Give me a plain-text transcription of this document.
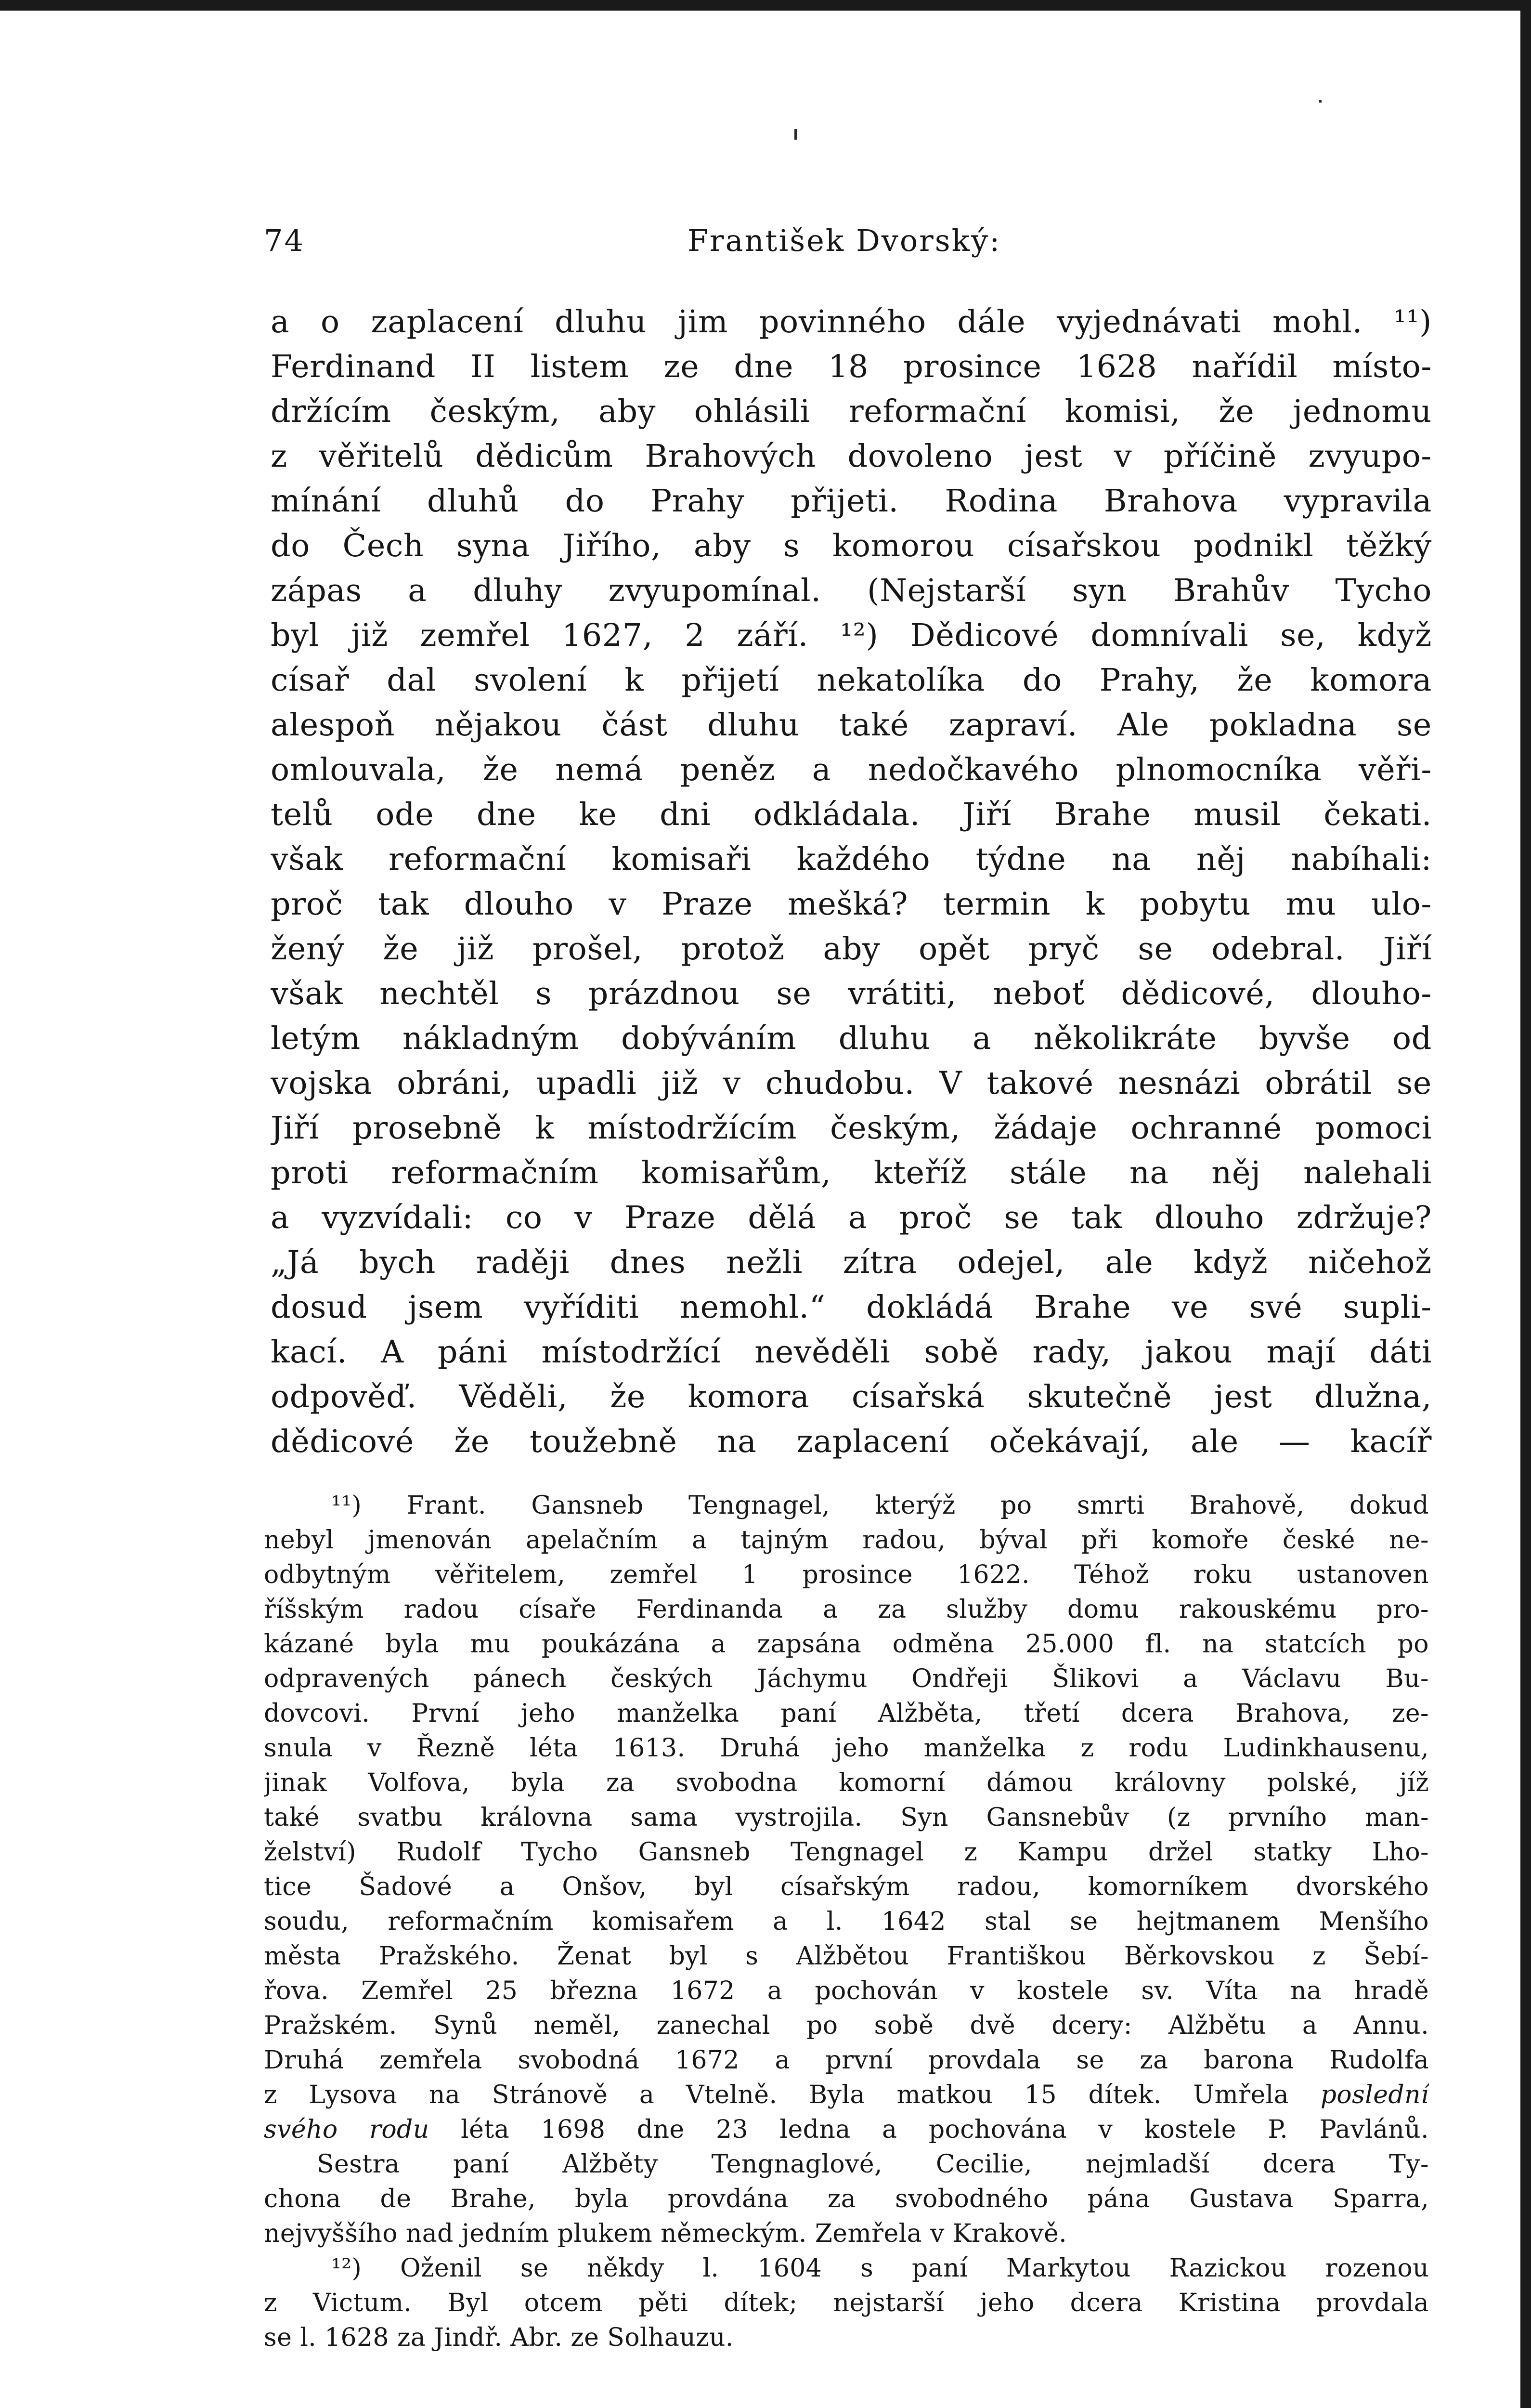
74	František Dvorský:
a o zaplacení dluhu jim povinného dále vyjednávati mohl. ¹¹)
Ferdinand II listem ze dne 18 prosince 1628 nařídil místo-
držícím českým, aby ohlásili reformační komisi, že jednomu
z věřitelů dědicům Brahových dovoleno jest v příčině zvyupo-
mínání dluhů do Prahy přijeti. Rodina Brahova vypravila
do Čech syna Jiřího, aby s komorou císařskou podnikl těžký
zápas a dluhy zvyupomínal. (Nejstarší syn Brahův Tycho
byl již zemřel 1627, 2 září. ¹²) Dědicové domnívali se, když
císař dal svolení k přijetí nekatolíka do Prahy, že komora
alespoň nějakou část dluhu také zapraví. Ale pokladna se
omlouvala, že nemá peněz a nedočkavého plnomocníka věři-
telů ode dne ke dni odkládala. Jiří Brahe musil čekati.
však reformační komisaři každého týdne na něj nabíhali:
proč tak dlouho v Praze mešká? termin k pobytu mu ulo-
žený že již prošel, protož aby opět pryč se odebral. Jiří
však nechtěl s prázdnou se vrátiti, neboť dědicové, dlouho-
letým nákladným dobýváním dluhu a několikráte byvše od
vojska obráni, upadli již v chudobu. V takové nesnázi obrátil se
Jiří prosebně k místodržícím českým, žádaje ochranné pomoci
proti reformačním komisařům, kteříž stále na něj nalehali
a vyzvídali: co v Praze dělá a proč se tak dlouho zdržuje?
„Já bych raději dnes nežli zítra odejel, ale když ničehož
dosud jsem vyříditi nemohl.“ dokládá Brahe ve své supli-
kací. A páni místodržící nevěděli sobě rady, jakou mají dáti
odpověď. Věděli, že komora císařská skutečně jest dlužna,
dědicové že toužebně na zaplacení očekávají, ale — kacíř
¹¹) Frant. Gansneb Tengnagel, kterýž po smrti Brahově, dokud
nebyl jmenován apelačním a tajným radou, býval při komoře české ne-
odbytným věřitelem, zemřel 1 prosince 1622. Téhož roku ustanoven
říšským radou císaře Ferdinanda a za služby domu rakouskému pro-
kázané byla mu poukázána a zapsána odměna 25.000 fl. na statcích po
odpravených pánech českých Jáchymu Ondřeji Šlikovi a Václavu Bu-
dovcovi. První jeho manželka paní Alžběta, třetí dcera Brahova, ze-
snula v Řezně léta 1613. Druhá jeho manželka z rodu Ludinkhausenu,
jinak Volfova, byla za svobodna komorní dámou královny polské, jíž
také svatbu královna sama vystrojila. Syn Gansnebův (z prvního man-
želství) Rudolf Tycho Gansneb Tengnagel z Kampu držel statky Lho-
tice Šadové a Onšov, byl císařským radou, komorníkem dvorského
soudu, reformačním komisařem a l. 1642 stal se hejtmanem Menšího
města Pražského. Ženat byl s Alžbětou Františkou Běrkovskou z Šebí-
řova. Zemřel 25 března 1672 a pochován v kostele sv. Víta na hradě
Pražském. Synů neměl, zanechal po sobě dvě dcery: Alžbětu a Annu.
Druhá zemřela svobodná 1672 a první provdala se za barona Rudolfa
z Lysova na Stránově a Vtelně. Byla matkou 15 dítek. Umřela poslední
svého rodu léta 1698 dne 23 ledna a pochována v kostele P. Pavlánů.
Sestra paní Alžběty Tengnaglové, Cecilie, nejmladší dcera Ty-
chona de Brahe, byla provdána za svobodného pána Gustava Sparra,
nejvyššího nad jedním plukem německým. Zemřela v Krakově.
¹²) Oženil se někdy l. 1604 s paní Markytou Razickou rozenou
z Victum. Byl otcem pěti dítek; nejstarší jeho dcera Kristina provdala
se l. 1628 za Jindř. Abr. ze Solhauzu.
